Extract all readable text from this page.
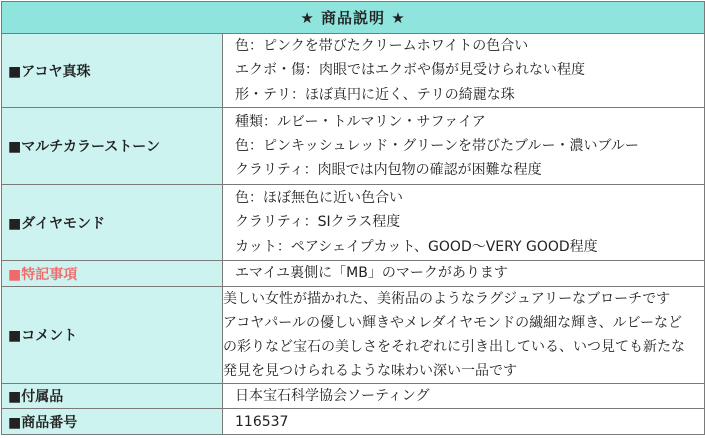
★ 商品説明 ★	
■アコヤ真珠	色：ピンクを帯びたクリームホワイトの色合い
エクボ・傷：肉眼ではエクボや傷が見受けられない程度
形・テリ：ほぼ真円に近く、テリの綺麗な珠

■マルチカラーストーン	種類：ルビー・トルマリン・サファイア
色：ピンキッシュレッド・グリーンを帯びたブルー・濃いブルー
クラリティ：肉眼では内包物の確認が困難な程度

■ダイヤモンド	色：ほぼ無色に近い色合い
クラリティ：SIクラス程度
カット：ペアシェイプカット、GOOD～VERY GOOD程度

■特記事項	エマイユ裏側に「MB」のマークがあります

■コメント	美しい女性が描かれた、美術品のようなラグジュアリーなブローチです
アコヤパールの優しい輝きやメレダイヤモンドの繊細な輝き、ルビーなど
の彩りなど宝石の美しさをそれぞれに引き出している、いつ見ても新たな
発見を見つけられるような味わい深い一品です

■付属品	日本宝石科学協会ソーティング

■商品番号	116537
